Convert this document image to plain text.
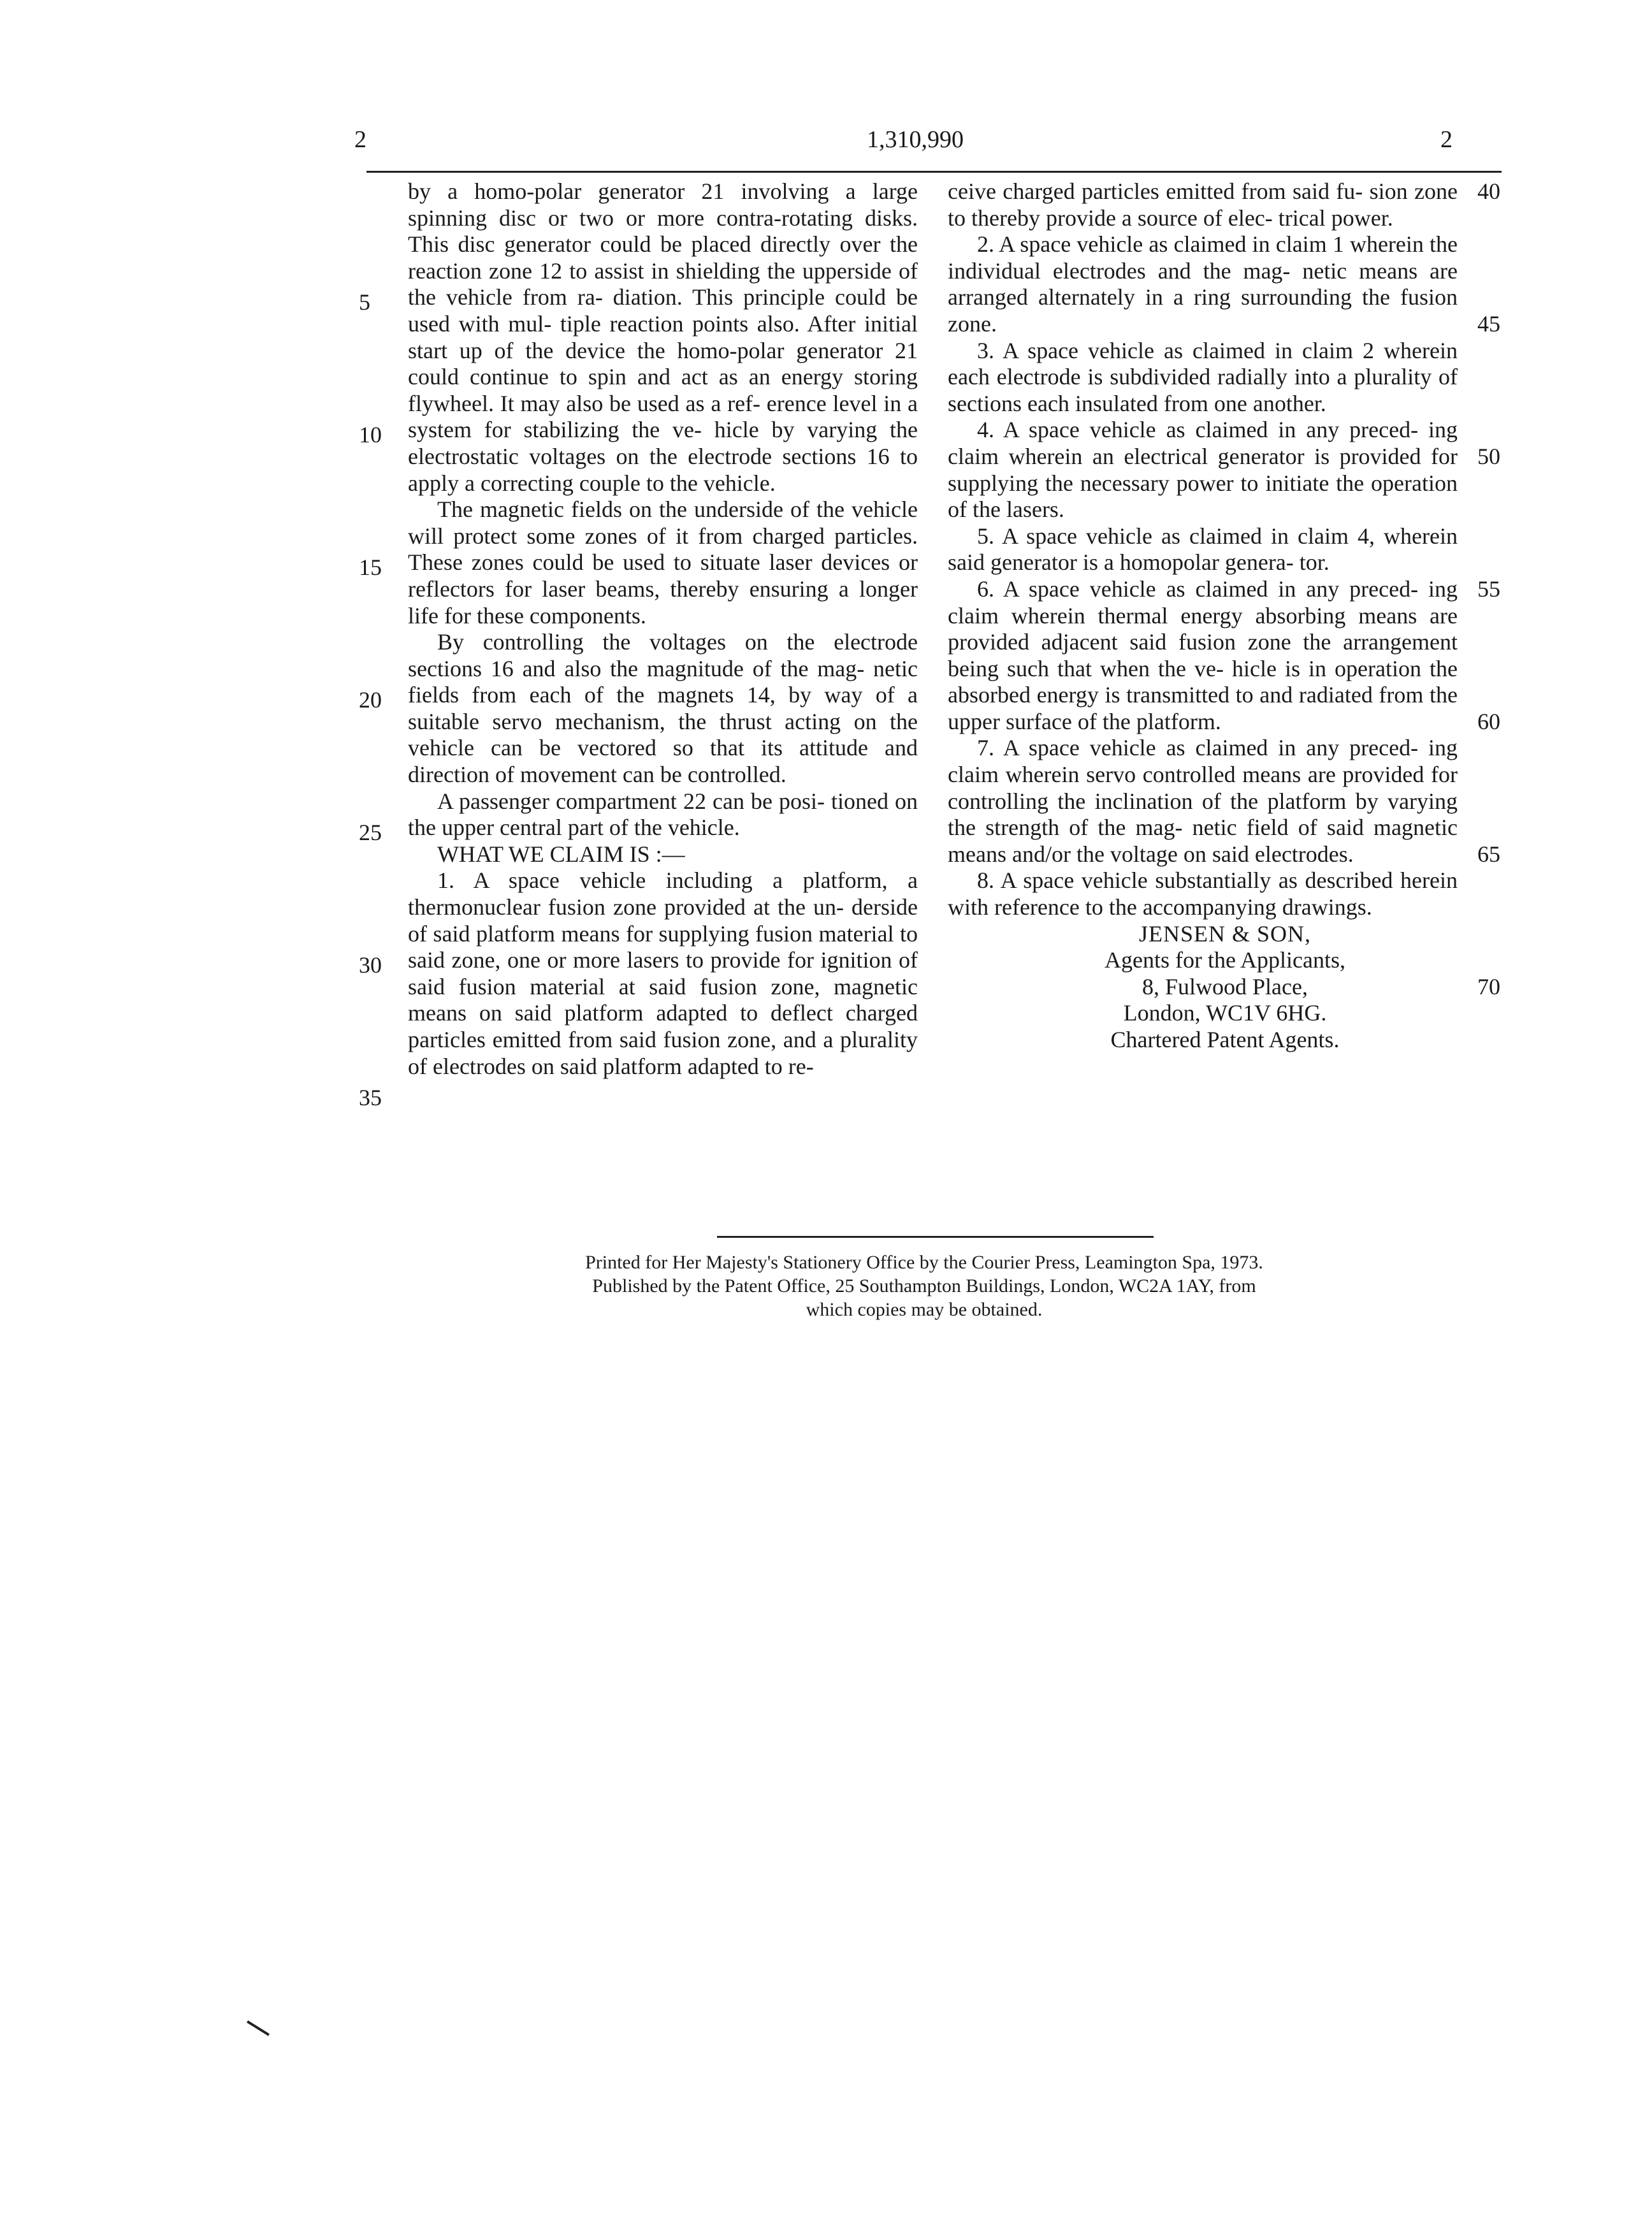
2	1,310,990	2

by a homo-polar generator 21 involving a large spinning disc or two or more contra-rotating disks. This disc generator could be placed directly over the reaction zone 12 to assist in shielding the upperside of the vehicle from ra- diation. This principle could be used with mul- tiple reaction points also. After initial start up of the device the homo-polar generator 21 could continue to spin and act as an energy storing flywheel. It may also be used as a ref- erence level in a system for stabilizing the ve- hicle by varying the electrostatic voltages on the electrode sections 16 to apply a correcting couple to the vehicle.

The magnetic fields on the underside of the vehicle will protect some zones of it from charged particles. These zones could be used to situate laser devices or reflectors for laser beams, thereby ensuring a longer life for these components.

By controlling the voltages on the electrode sections 16 and also the magnitude of the mag- netic fields from each of the magnets 14, by way of a suitable servo mechanism, the thrust acting on the vehicle can be vectored so that its attitude and direction of movement can be controlled.

A passenger compartment 22 can be posi- tioned on the upper central part of the vehicle.

WHAT WE CLAIM IS :—

1. A space vehicle including a platform, a thermonuclear fusion zone provided at the un- derside of said platform means for supplying fusion material to said zone, one or more lasers to provide for ignition of said fusion material at said fusion zone, magnetic means on said platform adapted to deflect charged particles emitted from said fusion zone, and a plurality of electrodes on said platform adapted to re-

ceive charged particles emitted from said fu- sion zone to thereby provide a source of elec- trical power.

2. A space vehicle as claimed in claim 1 wherein the individual electrodes and the mag- netic means are arranged alternately in a ring surrounding the fusion zone.

3. A space vehicle as claimed in claim 2 wherein each electrode is subdivided radially into a plurality of sections each insulated from one another.

4. A space vehicle as claimed in any preced- ing claim wherein an electrical generator is provided for supplying the necessary power to initiate the operation of the lasers.

5. A space vehicle as claimed in claim 4, wherein said generator is a homopolar genera- tor.

6. A space vehicle as claimed in any preced- ing claim wherein thermal energy absorbing means are provided adjacent said fusion zone the arrangement being such that when the ve- hicle is in operation the absorbed energy is transmitted to and radiated from the upper surface of the platform.

7. A space vehicle as claimed in any preced- ing claim wherein servo controlled means are provided for controlling the inclination of the platform by varying the strength of the mag- netic field of said magnetic means and/or the voltage on said electrodes.

8. A space vehicle substantially as described herein with reference to the accompanying drawings.

JENSEN & SON,
Agents for the Applicants,
8, Fulwood Place,
London, WC1V 6HG.
Chartered Patent Agents.
5
10
15
20
25
30
35
40
45
50
55
60
65
70
Printed for Her Majesty's Stationery Office by the Courier Press, Leamington Spa, 1973.
Published by the Patent Office, 25 Southampton Buildings, London, WC2A 1AY, from
which copies may be obtained.
